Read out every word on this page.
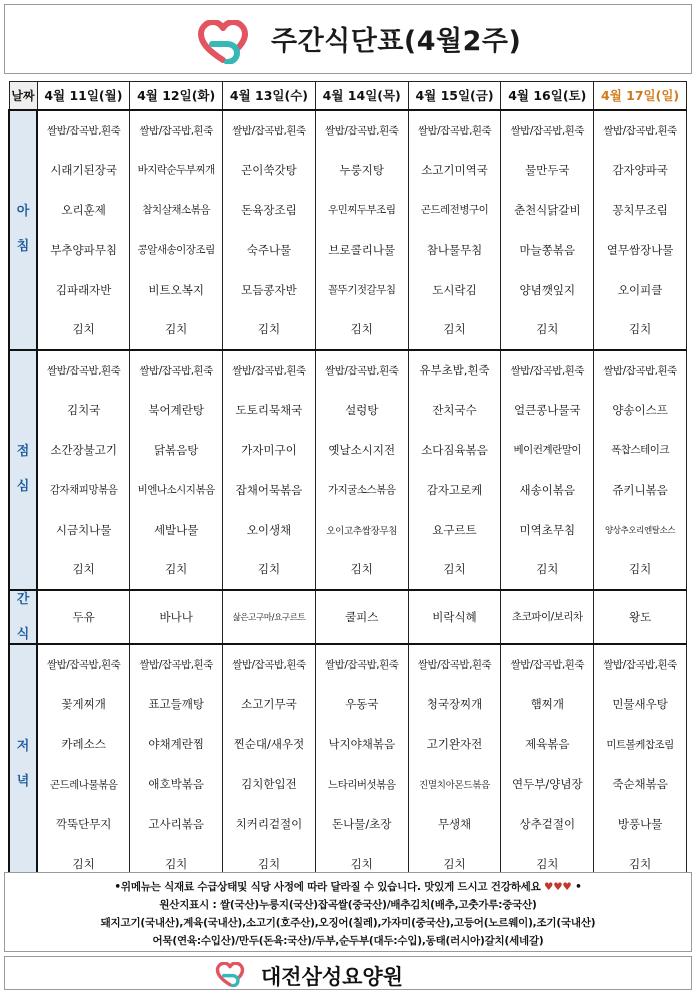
주간식단표(4월2주)
날짜	4월 11일(월)	4월 12일(화)	4월 13일(수)	4월 14일(목)	4월 15일(금)	4월 16일(토)	4월 17일(일)
아

침	쌀밥/잡곡밥,흰죽	쌀밥/잡곡밥,흰죽	쌀밥/잡곡밥,흰죽	쌀밥/잡곡밥,흰죽	쌀밥/잡곡밥,흰죽	쌀밥/잡곡밥,흰죽	쌀밥/잡곡밥,흰죽
	시래기된장국	바지락순두부찌개	곤이쑥갓탕	누룽지탕	소고기미역국	물만두국	감자양파국
	오리훈제	참치살채소볶음	돈육장조림	우민찌두부조림	곤드레전병구이	춘천식닭갈비	꽁치무조림
	부추양파무침	콩알새송이장조림	숙주나물	브로콜리나물	참나물무침	마늘쫑볶음	열무쌈장나물
	김파래자반	비트오복지	모듬콩자반	꼴뚜기젓갈무침	도시락김	양념깻잎지	오이피클
	김치	김치	김치	김치	김치	김치	김치
점

심	쌀밥/잡곡밥,흰죽	쌀밥/잡곡밥,흰죽	쌀밥/잡곡밥,흰죽	쌀밥/잡곡밥,흰죽	유부초밥,흰죽	쌀밥/잡곡밥,흰죽	쌀밥/잡곡밥,흰죽
	김치국	북어계란탕	도토리묵채국	설렁탕	잔치국수	얼큰콩나물국	양송이스프
	소간장불고기	닭볶음탕	가자미구이	옛날소시지전	소다짐육볶음	베이컨계란말이	폭찹스테이크
	감자채피망볶음	비엔나소시지볶음	잡채어묵볶음	가지굴소스볶음	감자고로케	새송이볶음	쥬키니볶음
	시금치나물	세발나물	오이생채	오이고추쌈장무침	요구르트	미역초무침	양상추오리엔탈소스
	김치	김치	김치	김치	김치	김치	김치
간

식	두유	바나나	삶은고구마/요구르트	쿨피스	비락식혜	초코파이/보리차	왕도
저

녁	쌀밥/잡곡밥,흰죽	쌀밥/잡곡밥,흰죽	쌀밥/잡곡밥,흰죽	쌀밥/잡곡밥,흰죽	쌀밥/잡곡밥,흰죽	쌀밥/잡곡밥,흰죽	쌀밥/잡곡밥,흰죽
	꽃게찌개	표고들깨탕	소고기무국	우동국	청국장찌개	햄찌개	민물새우탕
	카레소스	야채계란찜	찐순대/새우젓	낙지야채볶음	고기완자전	제육볶음	미트볼케찹조림
	곤드레나물볶음	애호박볶음	김치한입전	느타리버섯볶음	진멸치아몬드볶음	연두부/양념장	죽순채볶음
	깍뚝단무지	고사리볶음	치커리겉절이	돈나물/초장	무생채	상추겉절이	방풍나물
	김치	김치	김치	김치	김치	김치	김치
•위메뉴는 식재료 수급상태및 식당 사정에 따라 달라질 수 있습니다. 맛있게 드시고 건강하세요 ♥♥♥ •
원산지표시 : 쌀(국산)누룽지(국산)잡곡쌀(중국산)/배추김치(배추,고춧가루:중국산)
돼지고기(국내산),계육(국내산),소고기(호주산),오징어(칠레),가자미(중국산),고등어(노르웨이),조기(국내산)
어묵(연육:수입산)/만두(돈육:국산)/두부,순두부(대두:수입),동태(러시아)갈치(세네갈)
대전삼성요양원
